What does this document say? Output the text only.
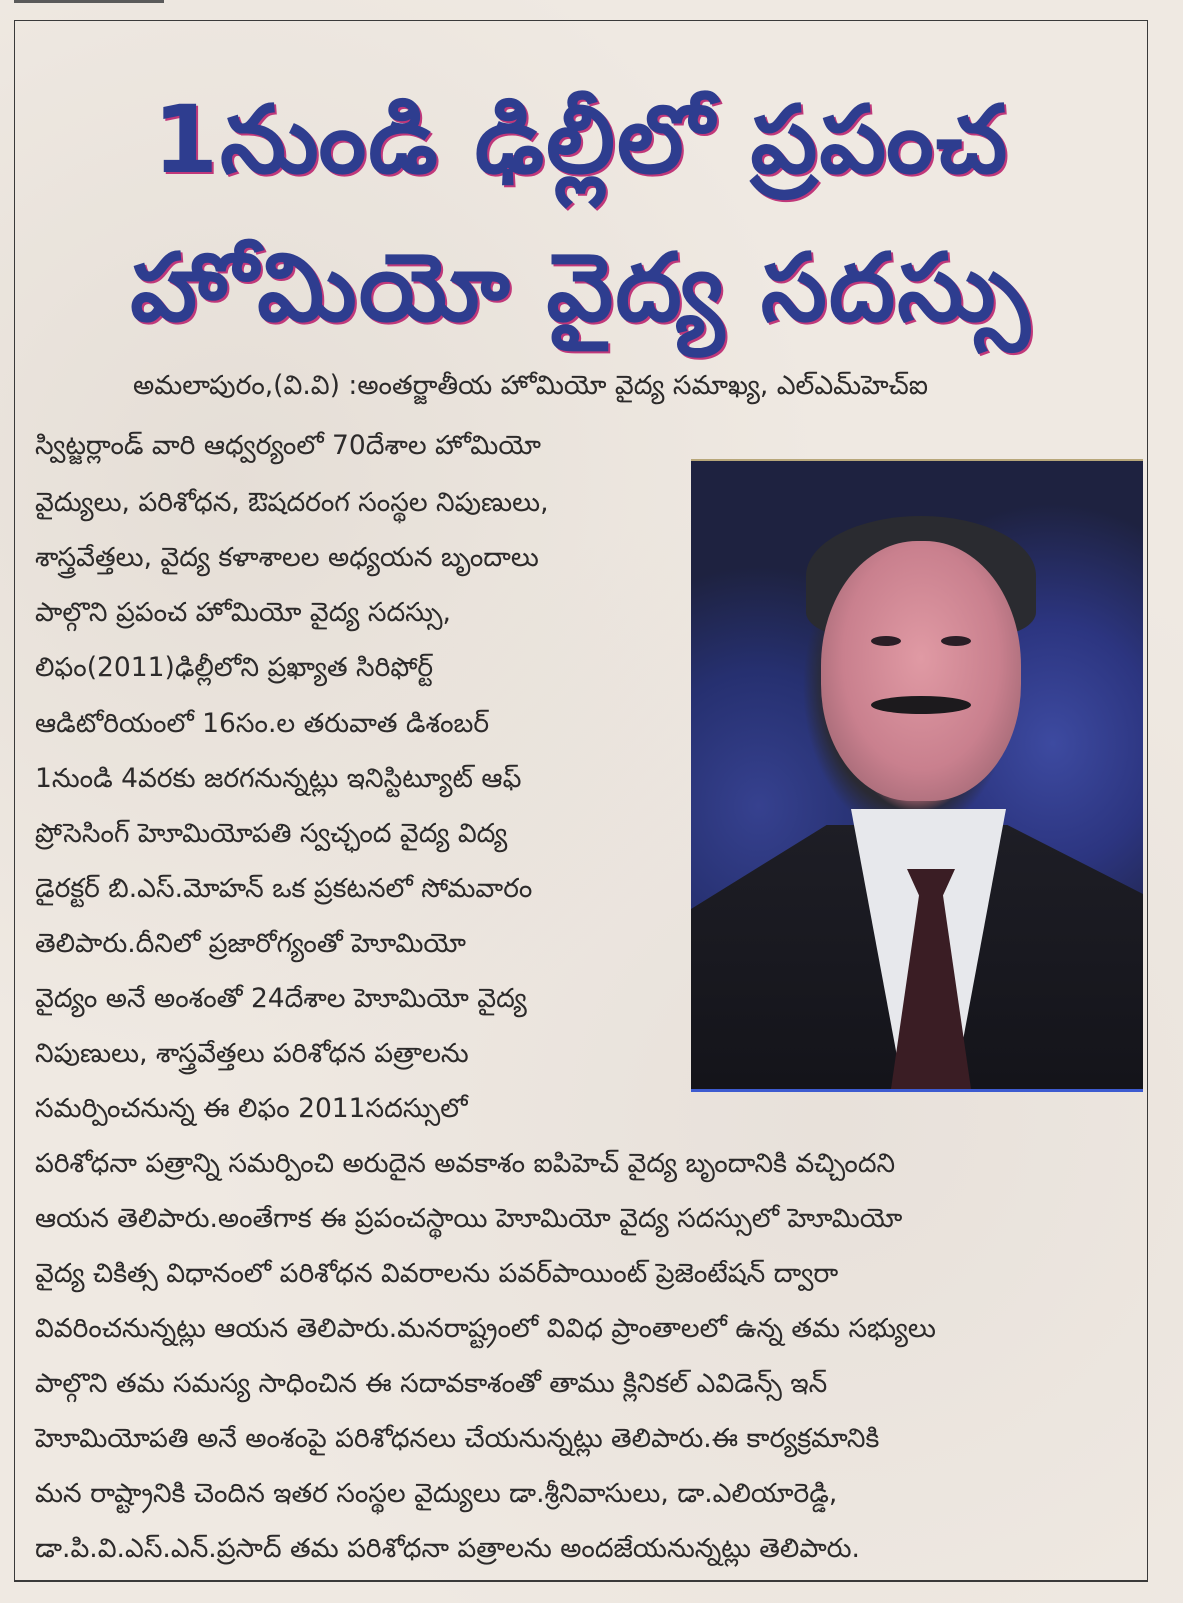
1నుండి ఢిల్లీలో ప్రపంచ
హోమియో వైద్య సదస్సు
అమలాపురం,(వి.వి) :అంతర్జాతీయ హోమియో వైద్య సమాఖ్య, ఎల్ఎమ్‌హెచ్ఐ
స్విట్జర్లాండ్ వారి ఆధ్వర్యంలో 70దేశాల హోమియో
వైద్యులు, పరిశోధన, ఔషదరంగ సంస్థల నిపుణులు,
శాస్త్రవేత్తలు, వైద్య కళాశాలల అధ్యయన బృందాలు
పాల్గొని ప్రపంచ హోమియో వైద్య సదస్సు,
లిఫం(2011)ఢిల్లీలోని ప్రఖ్యాత సిరిఫోర్ట్
ఆడిటోరియంలో 16సం.ల తరువాత డిశంబర్
1నుండి 4వరకు జరగనున్నట్లు ఇనిస్టిట్యూట్ ఆఫ్
ప్రోసెసింగ్ హెూమియోపతి స్వచ్ఛంద వైద్య విద్య
డైరక్టర్ బి.ఎస్.మోహన్ ఒక ప్రకటనలో సోమవారం
తెలిపారు.దీనిలో ప్రజారోగ్యంతో హెూమియో
వైద్యం అనే అంశంతో 24దేశాల హెూమియో వైద్య
నిపుణులు, శాస్త్రవేత్తలు పరిశోధన పత్రాలను
సమర్పించనున్న ఈ లిఫం 2011సదస్సులో
పరిశోధనా పత్రాన్ని సమర్పించి అరుదైన అవకాశం ఐపిహెచ్ వైద్య బృందానికి వచ్చిందని
ఆయన తెలిపారు.అంతేగాక ఈ ప్రపంచస్థాయి హెూమియో వైద్య సదస్సులో హెూమియో
వైద్య చికిత్స విధానంలో పరిశోధన వివరాలను పవర్‌పాయింట్ ప్రెజెంటేషన్ ద్వారా
వివరించనున్నట్లు ఆయన తెలిపారు.మనరాష్ట్రంలో వివిధ ప్రాంతాలలో ఉన్న తమ సభ్యులు
పాల్గొని తమ సమస్య సాధించిన ఈ సదావకాశంతో తాము క్లినికల్ ఎవిడెన్స్ ఇన్
హెూమియోపతి అనే అంశంపై పరిశోధనలు చేయనున్నట్లు తెలిపారు.ఈ కార్యక్రమానికి
మన రాష్ట్రానికి చెందిన ఇతర సంస్థల వైద్యులు డా.శ్రీనివాసులు, డా.ఎలియారెడ్డి,
డా.పి.వి.ఎస్.ఎన్.ప్రసాద్ తమ పరిశోధనా పత్రాలను అందజేయనున్నట్లు తెలిపారు.
